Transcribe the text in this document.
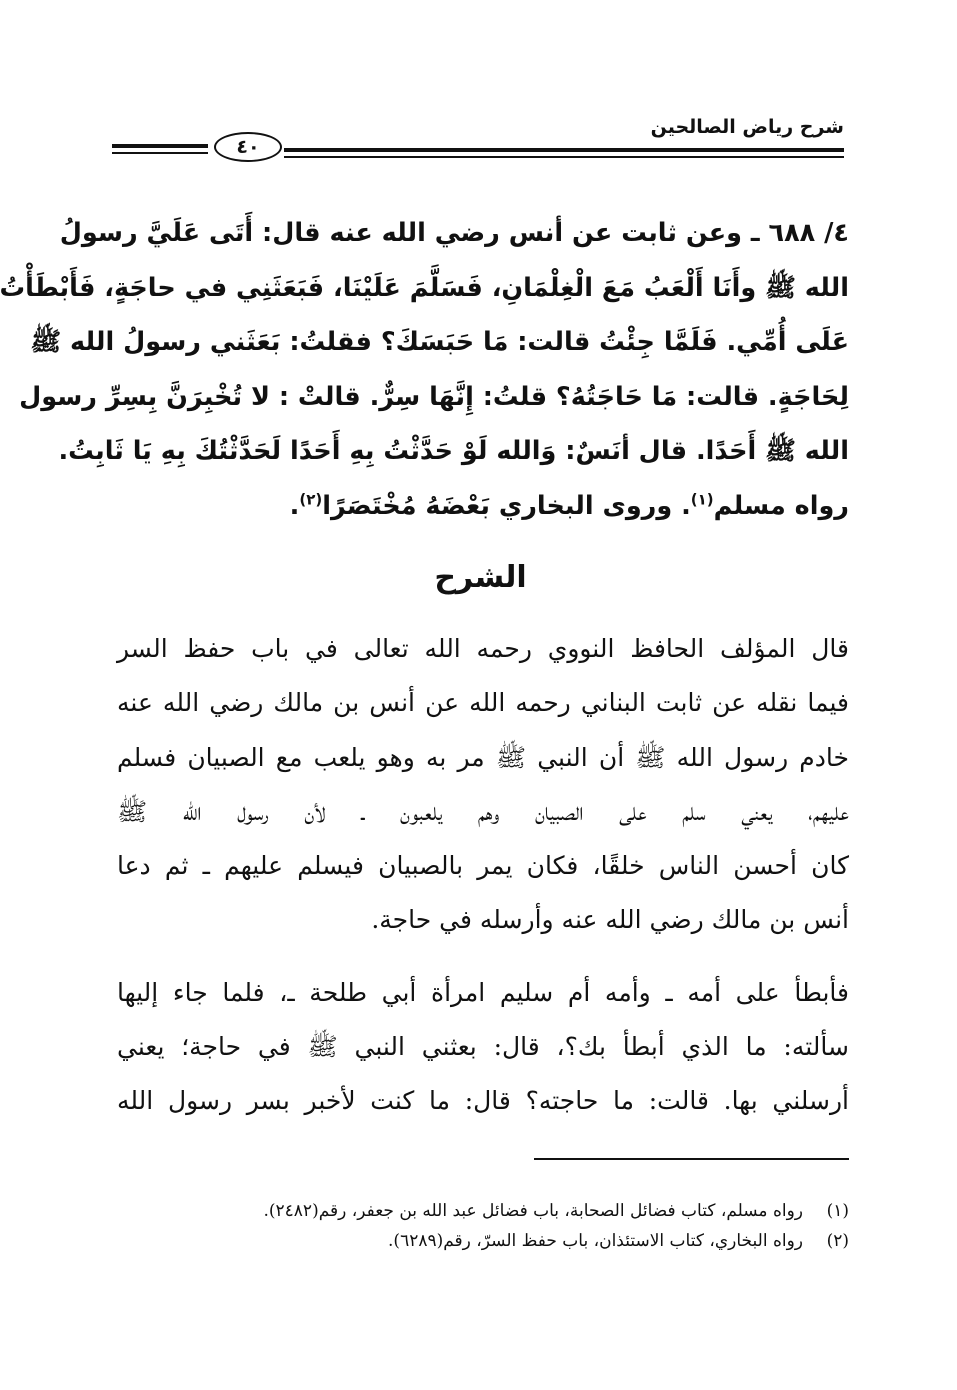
شرح رياض الصالحين
٤٠
٤/ ٦٨٨ ـ وعن ثابت عن أنس رضي الله عنه قال: أَتَى عَلَيَّ رسولُ
الله ﷺ وأَنَا أَلْعَبُ مَعَ الْغِلْمَانِ، فَسَلَّمَ عَلَيْنَا، فَبَعَثَنِي في حاجَةٍ، فَأَبْطَأْتُ
عَلَى أُمِّي. فَلَمَّا جِئْتُ قالت: مَا حَبَسَكَ؟ فقلتُ: بَعَثَني رسولُ الله ﷺ
لِحَاجَةٍ. قالت: مَا حَاجَتُهُ؟ قلتُ: إِنَّهَا سِرٌّ. قالتْ : لا تُخْبِرَنَّ بِسِرِّ رسول
الله ﷺ أَحَدًا. قال أنَسٌ: وَالله لَوْ حَدَّثْتُ بِهِ أَحَدًا لَحَدَّثْتُكَ بِهِ يَا ثَابِتُ.
رواه مسلم$^{(١)}$. وروى البخاري بَعْضَهُ مُخْتَصَرًا$^{(٢)}$.
الشرح
قال المؤلف الحافظ النووي رحمه الله تعالى في باب حفظ السر
فيما نقله عن ثابت البناني رحمه الله عن أنس بن مالك رضي الله عنه
خادم رسول الله ﷺ أن النبي ﷺ مر به وهو يلعب مع الصبيان فسلم
عليهم، يعني سلم على الصبيان وهم يلعبون ـ لأن رسول الله ﷺ
كان أحسن الناس خلقًا، فكان يمر بالصبيان فيسلم عليهم ـ ثم دعا
أنس بن مالك رضي الله عنه وأرسله في حاجة.
فأبطأ على أمه ـ وأمه أم سليم امرأة أبي طلحة ـ، فلما جاء إليها
سألته: ما الذي أبطأ بك؟، قال: بعثني النبي ﷺ في حاجة؛ يعني
أرسلني بها. قالت: ما حاجته؟ قال: ما كنت لأخبر بسر رسول الله
(١)رواه مسلم، كتاب فضائل الصحابة، باب فضائل عبد الله بن جعفر، رقم(٢٤٨٢).
(٢)رواه البخاري، كتاب الاستئذان، باب حفظ السرّ، رقم(٦٢٨٩).
